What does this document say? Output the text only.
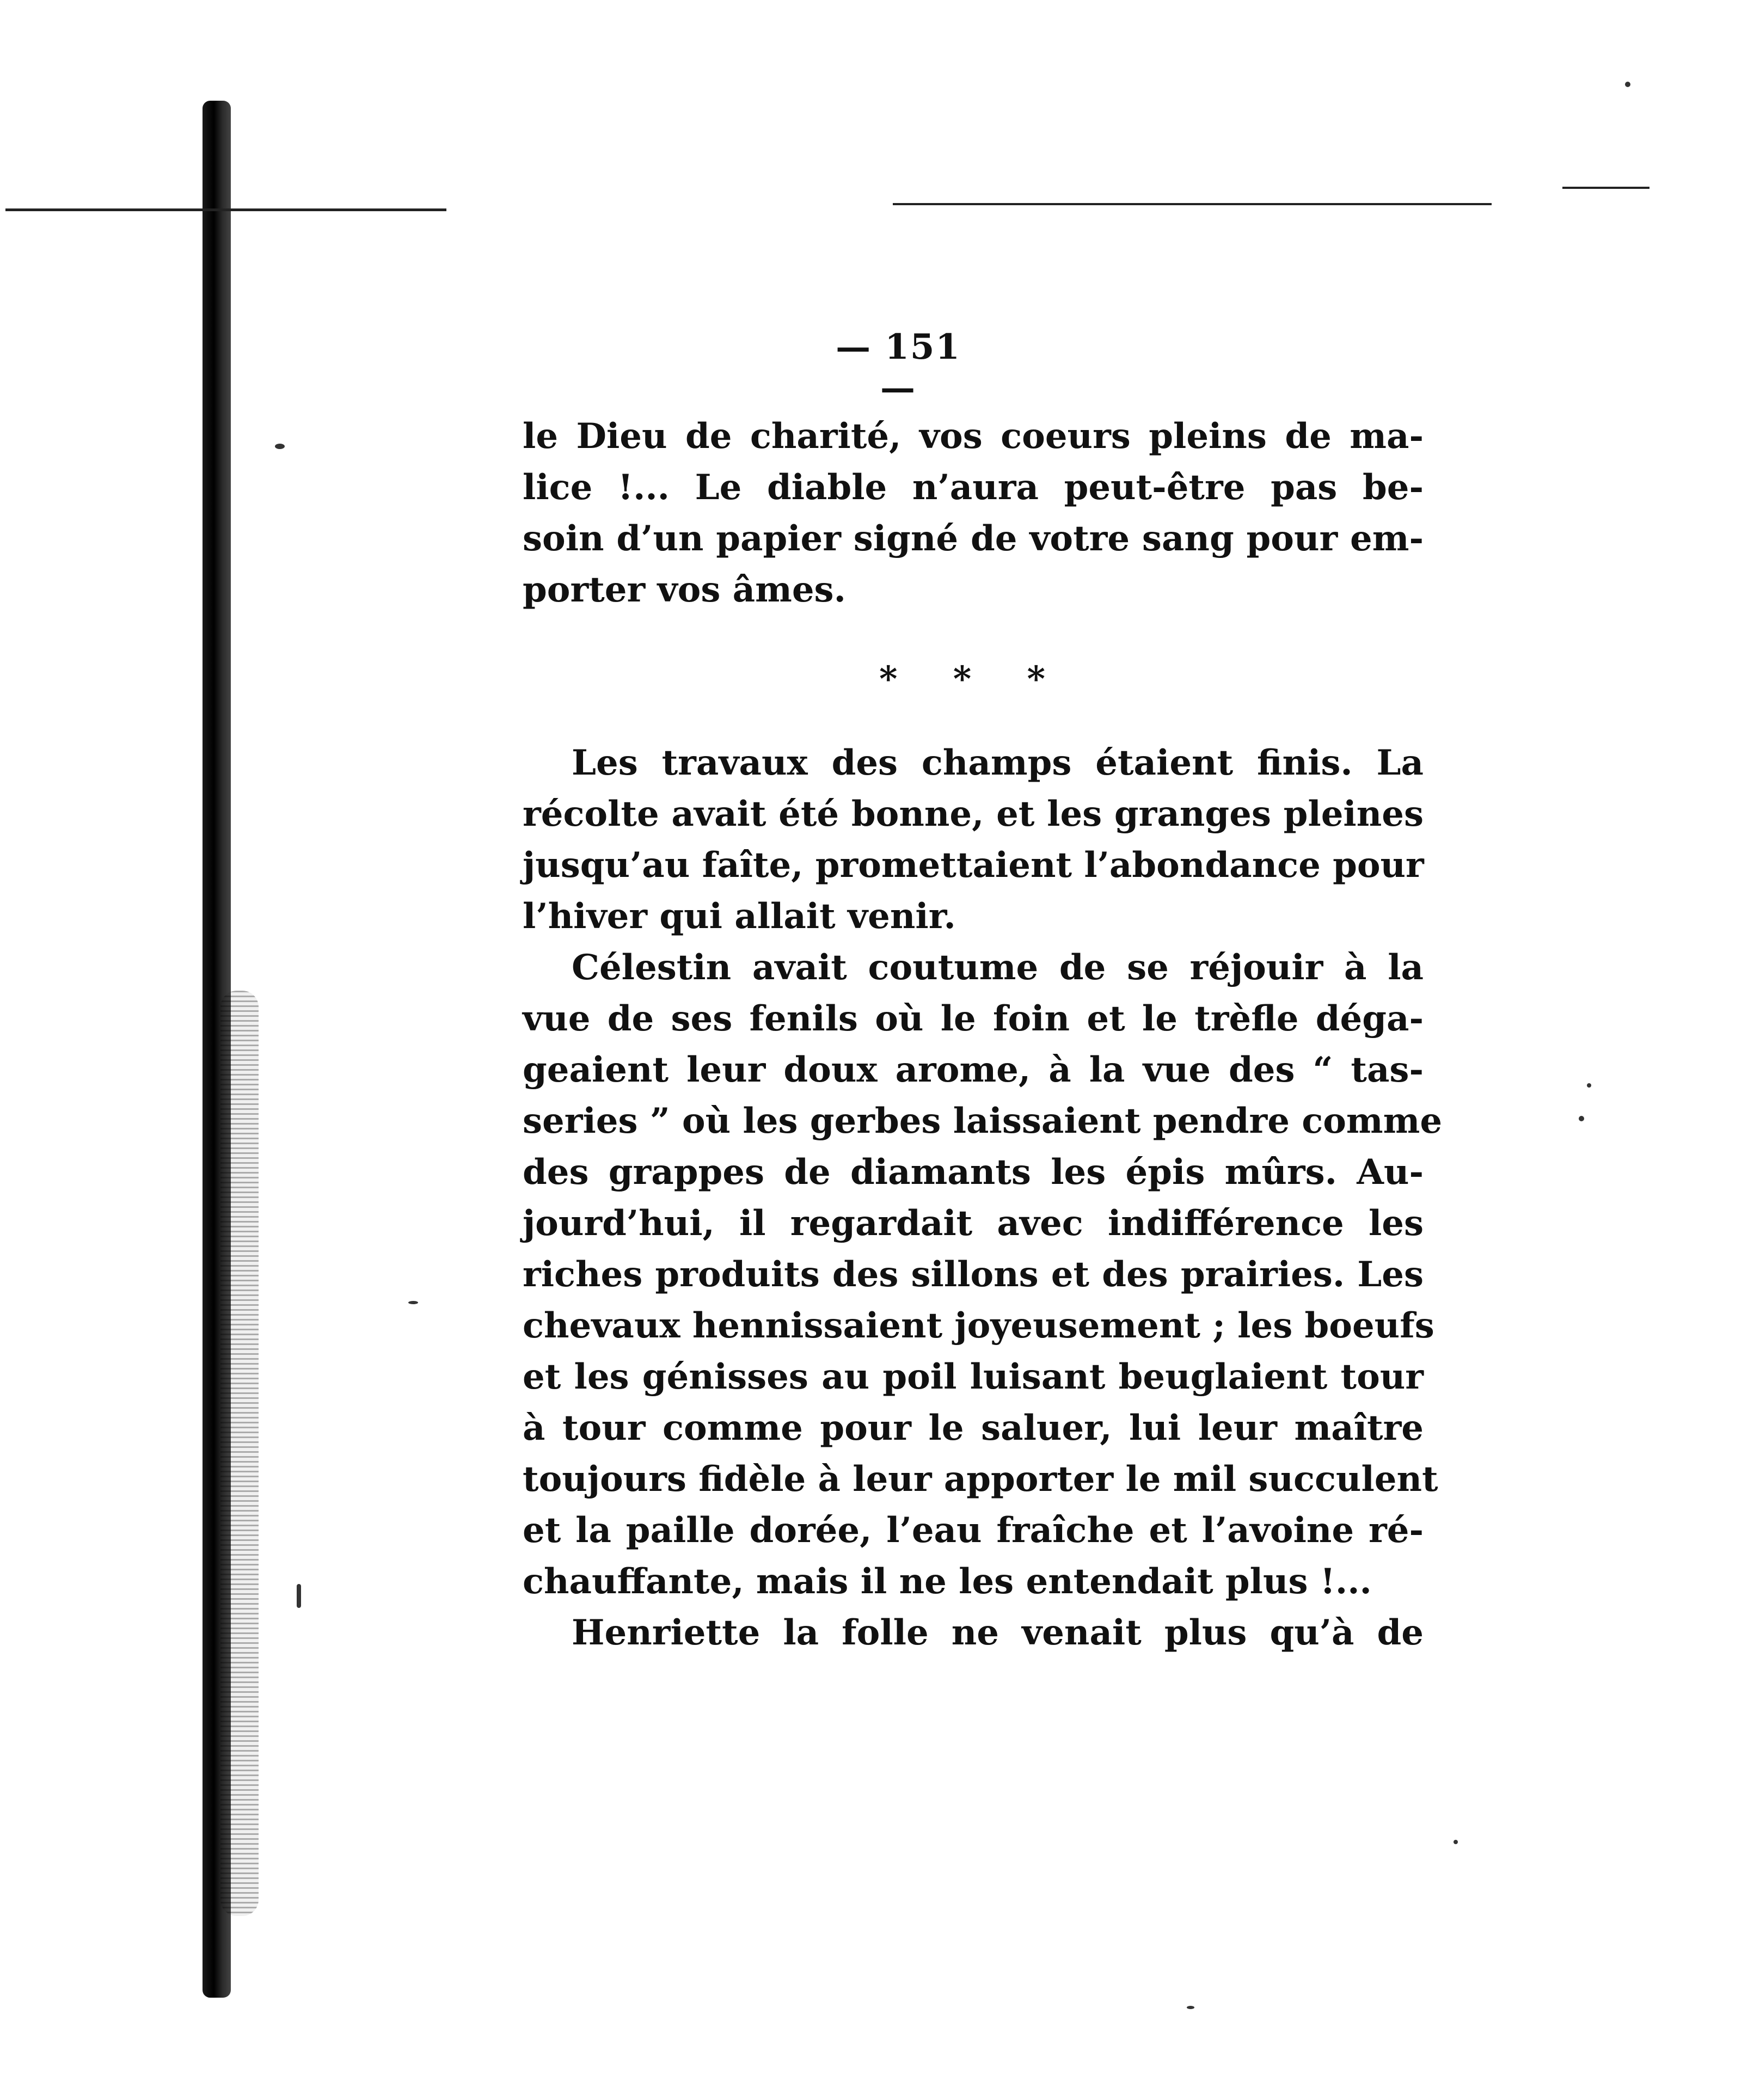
— 151 —
le Dieu de charité, vos coeurs pleins de ma-
lice !... Le diable n’aura peut-être pas be-
soin d’un papier signé de votre sang pour em-
porter vos âmes.
* * *
Les travaux des champs étaient finis. La
récolte avait été bonne, et les granges pleines
jusqu’au faîte, promettaient l’abondance pour
l’hiver qui allait venir.
Célestin avait coutume de se réjouir à la
vue de ses fenils où le foin et le trèfle déga-
geaient leur doux arome, à la vue des “ tas-
series ” où les gerbes laissaient pendre comme
des grappes de diamants les épis mûrs. Au-
jourd’hui, il regardait avec indifférence les
riches produits des sillons et des prairies. Les
chevaux hennissaient joyeusement ; les boeufs
et les génisses au poil luisant beuglaient tour
à tour comme pour le saluer, lui leur maître
toujours fidèle à leur apporter le mil succulent
et la paille dorée, l’eau fraîche et l’avoine ré-
chauffante, mais il ne les entendait plus !...
Henriette la folle ne venait plus qu’à de
